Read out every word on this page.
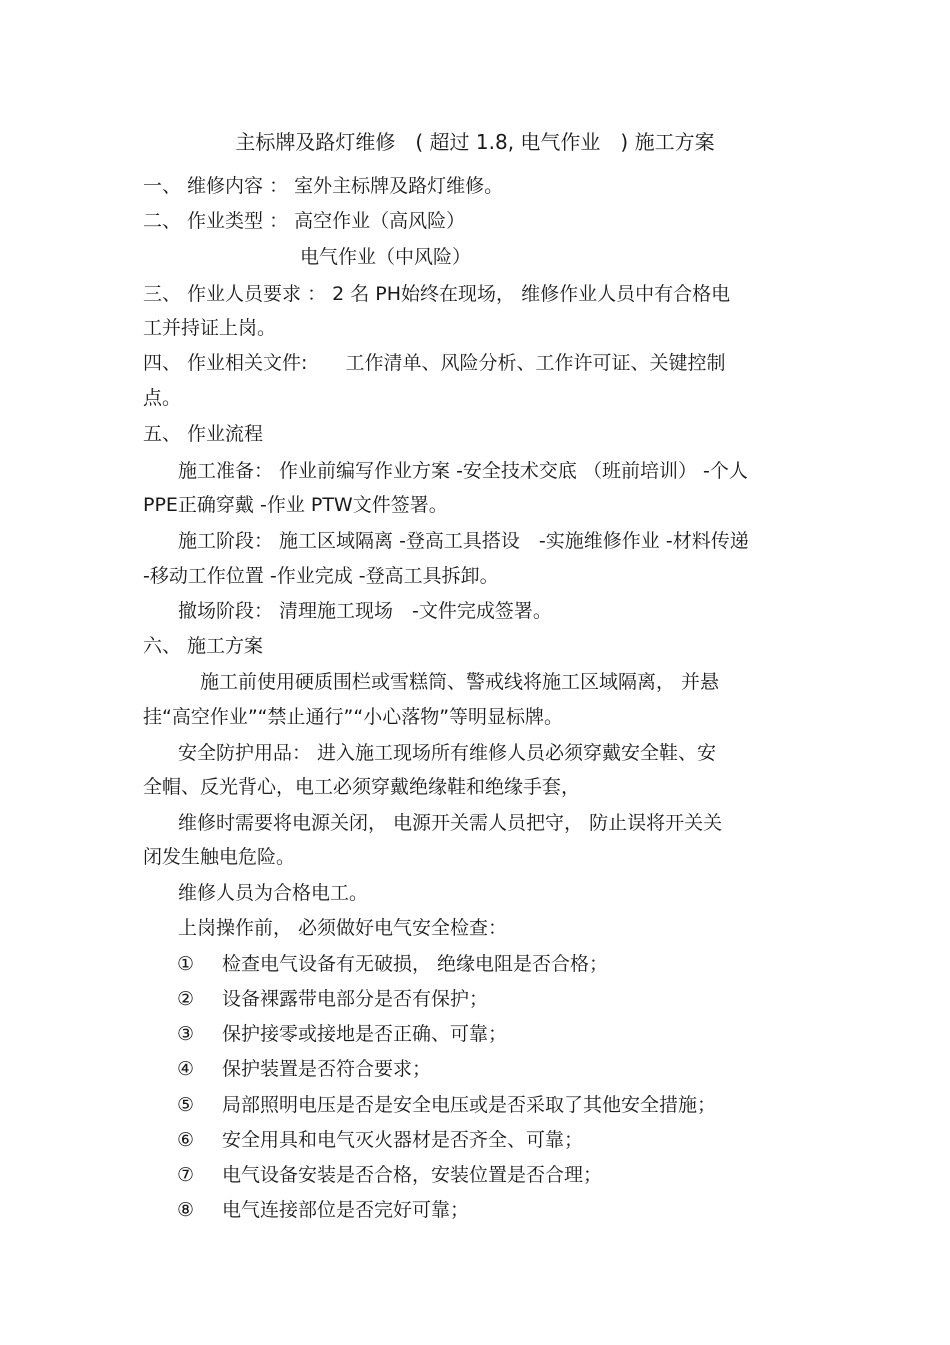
主标牌及路灯维修　( 超过 1.8, 电气作业　) 施工方案
一、 维修内容 ： 室外主标牌及路灯维修。
二、 作业类型 ： 高空作业（高风险）
电气作业（中风险）
三、 作业人员要求 ： 2 名 PH始终在现场， 维修作业人员中有合格电
工并持证上岗。
四、 作业相关文件:　　工作清单、风险分析、工作许可证、关键控制
点。
五、 作业流程
施工准备： 作业前编写作业方案 -安全技术交底 （班前培训） -个人
PPE正确穿戴 -作业 PTW文件签署。
施工阶段： 施工区域隔离 -登高工具搭设　-实施维修作业 -材料传递
-移动工作位置 -作业完成 -登高工具拆卸。
撤场阶段： 清理施工现场　-文件完成签署。
六、 施工方案
施工前使用硬质围栏或雪糕筒、警戒线将施工区域隔离， 并悬
挂“高空作业”“禁止通行”“小心落物”等明显标牌。
安全防护用品： 进入施工现场所有维修人员必须穿戴安全鞋、安
全帽、反光背心，电工必须穿戴绝缘鞋和绝缘手套，
维修时需要将电源关闭， 电源开关需人员把守， 防止误将开关关
闭发生触电危险。
维修人员为合格电工。
上岗操作前， 必须做好电气安全检查：
① 检查电气设备有无破损， 绝缘电阻是否合格；
② 设备裸露带电部分是否有保护；
③ 保护接零或接地是否正确、可靠；
④ 保护装置是否符合要求；
⑤ 局部照明电压是否是安全电压或是否采取了其他安全措施；
⑥ 安全用具和电气灭火器材是否齐全、可靠；
⑦ 电气设备安装是否合格，安装位置是否合理；
⑧ 电气连接部位是否完好可靠；
